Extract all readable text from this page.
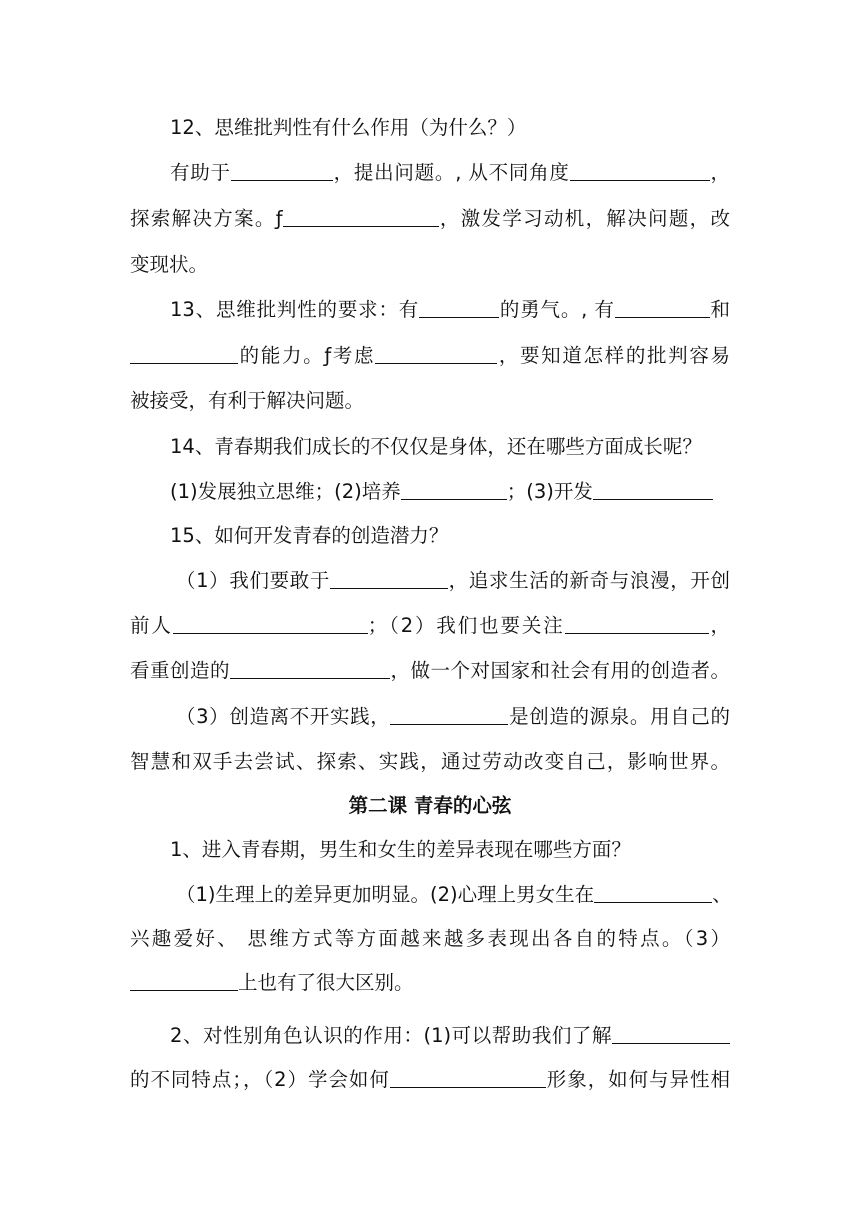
12、思维批判性有什么作用（为什么？）
有助于	，提出问题。, 从不同角度	，
探索解决方案。ƒ	，激发学习动机，解决问题，改
变现状。
13、思维批判性的要求：有	的勇气。, 有	和
的能力。ƒ考虑	，要知道怎样的批判容易
被接受，有利于解决问题。
14、青春期我们成长的不仅仅是身体，还在哪些方面成长呢？
(1)发展独立思维；(2)培养	；(3)开发
15、如何开发青春的创造潜力？
（1）我们要敢于	，追求生活的新奇与浪漫，开创
前人	；（2）我们也要关注	，
看重创造的	，做一个对国家和社会有用的创造者。
（3）创造离不开实践，	是创造的源泉。用自己的
智慧和双手去尝试、探索、实践，通过劳动改变自己，影响世界。
第二课 青春的心弦
1、进入青春期，男生和女生的差异表现在哪些方面？
（1)生理上的差异更加明显。(2)心理上男女生在	、
兴趣爱好、 思维方式等方面越来越多表现出各自的特点。（3）
上也有了很大区别。
2、对性别角色认识的作用：(1)可以帮助我们了解
的不同特点；，（2）学会如何	形象，如何与异性相
